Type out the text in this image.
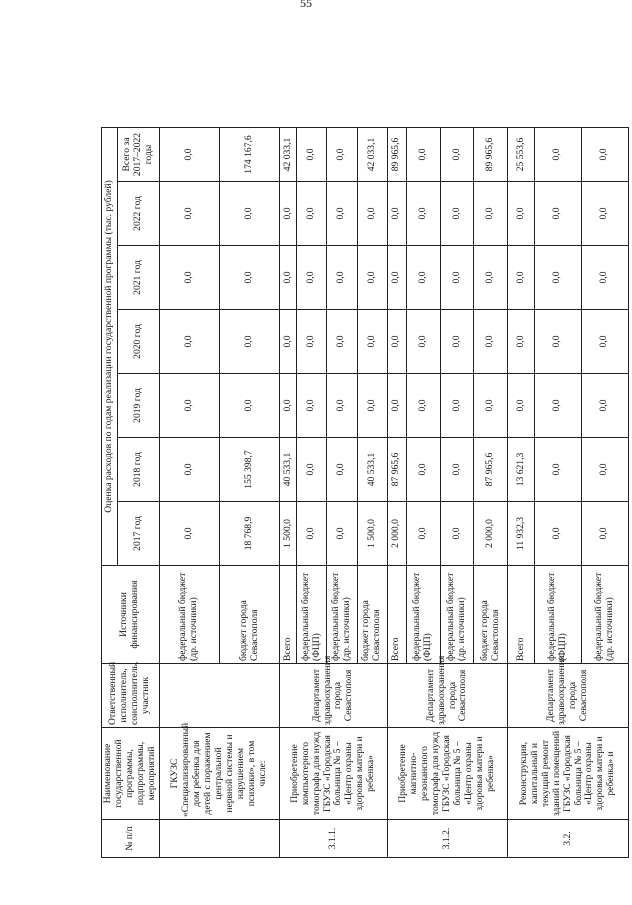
55
№ п/п	Наименование государственной программы, подпрограммы, мероприятий	Ответственный исполнитель, соисполнитель, участник	Источники финансирования	Оценка расходов по годам реализации государственной программы (тыс. рублей)						
				2017 год	2018 год	2019 год	2020 год	2021 год	2022 год	Всего за 2017–2022 годы
	ГКУЗС «Специализированный дом ребенка для детей с поражением центральной нервной системы и нарушением психики», в том числе:		федеральный бюджет (др. источники)	0,0	0,0	0,0	0,0	0,0	0,0	0,0
			бюджет города Севастополя	18 768,9	155 398,7	0,0	0,0	0,0	0,0	174 167,6
3.1.1.	Приобретение компьютерного томографа для нужд ГБУЗС «Городская больница № 5 – «Центр охраны здоровья матери и ребенка»	Департамент здравоохранения города Севастополя	Всего	1 500,0	40 533,1	0,0	0,0	0,0	0,0	42 033,1
			федеральный бюджет (ФЦП)	0,0	0,0	0,0	0,0	0,0	0,0	0,0
			федеральный бюджет (др. источники)	0,0	0,0	0,0	0,0	0,0	0,0	0,0
			бюджет города Севастополя	1 500,0	40 533,1	0,0	0,0	0,0	0,0	42 033,1
3.1.2.	Приобретение магнитно-резонансного томографа для нужд ГБУЗС «Городская больница № 5 – «Центр охраны здоровья матери и ребенка»	Департамент здравоохранения города Севастополя	Всего	2 000,0	87 965,6	0,0	0,0	0,0	0,0	89 965,6
			федеральный бюджет (ФЦП)	0,0	0,0	0,0	0,0	0,0	0,0	0,0
			федеральный бюджет (др. источники)	0,0	0,0	0,0	0,0	0,0	0,0	0,0
			бюджет города Севастополя	2 000,0	87 965,6	0,0	0,0	0,0	0,0	89 965,6
3.2.	Реконструкция, капитальный и текущий ремонт зданий и помещений ГБУЗС «Городская больница № 5 – «Центр охраны здоровья матери и ребенка» и	Департамент здравоохранения города Севастополя	Всего	11 932,3	13 621,3	0,0	0,0	0,0	0,0	25 553,6
			федеральный бюджет (ФЦП)	0,0	0,0	0,0	0,0	0,0	0,0	0,0
			федеральный бюджет (др. источники)	0,0	0,0	0,0	0,0	0,0	0,0	0,0
